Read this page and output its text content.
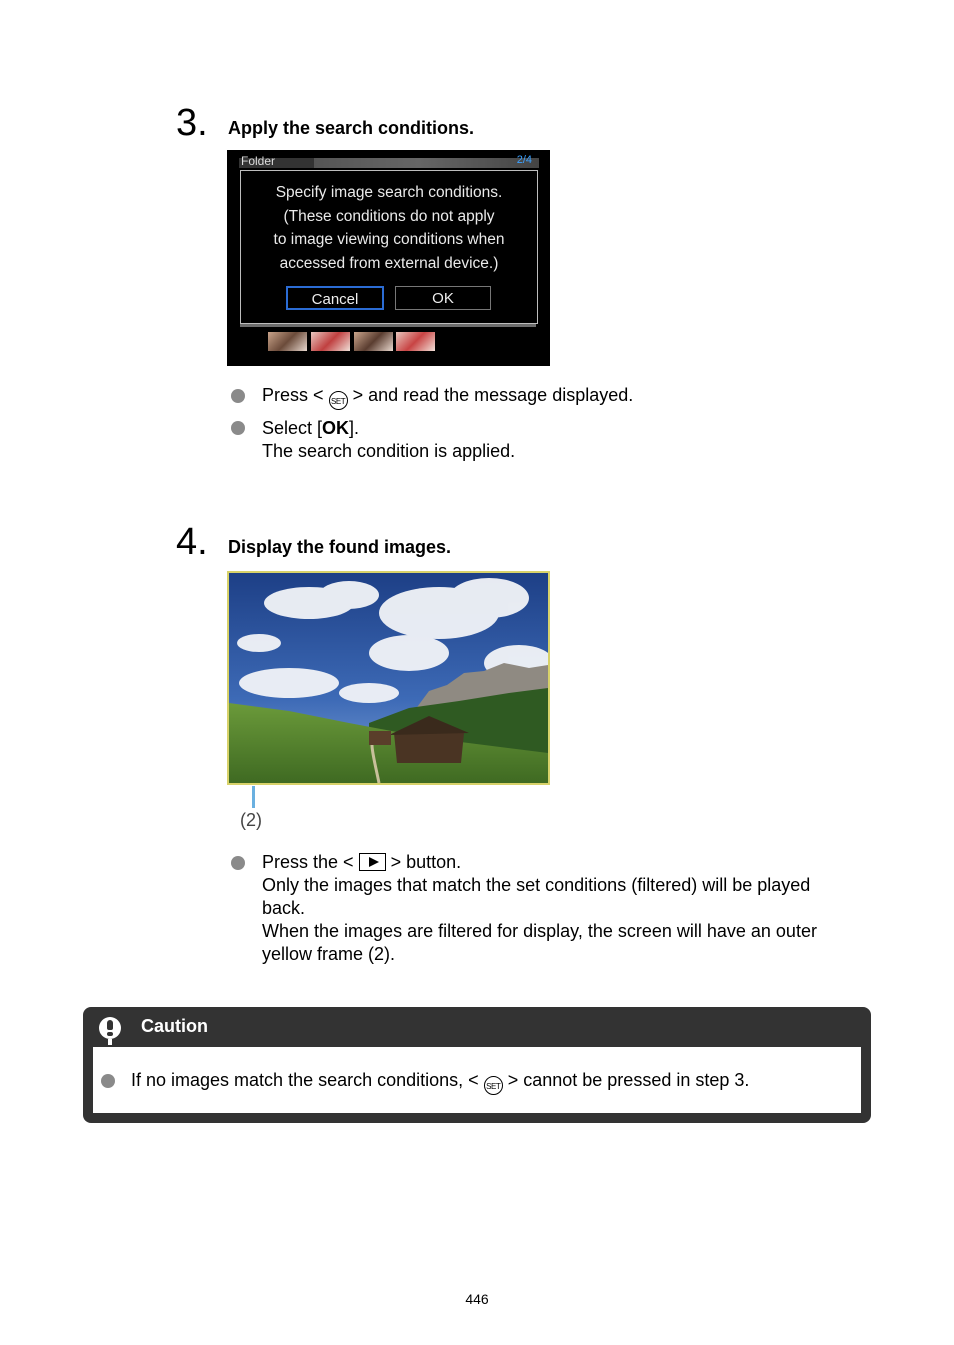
3. Apply the search conditions.
Folder	2/4
Specify image search conditions.
(These conditions do not apply
to image viewing conditions when
accessed from external device.)
Cancel	OK
Press < SET > and read the message displayed.
Select [OK].
The search condition is applied.
4. Display the found images.
(2)
Press the < > button.
Only the images that match the set conditions (filtered) will be played
back.
When the images are filtered for display, the screen will have an outer
yellow frame (2).
Caution
If no images match the search conditions, < SET > cannot be pressed in step 3.
446
